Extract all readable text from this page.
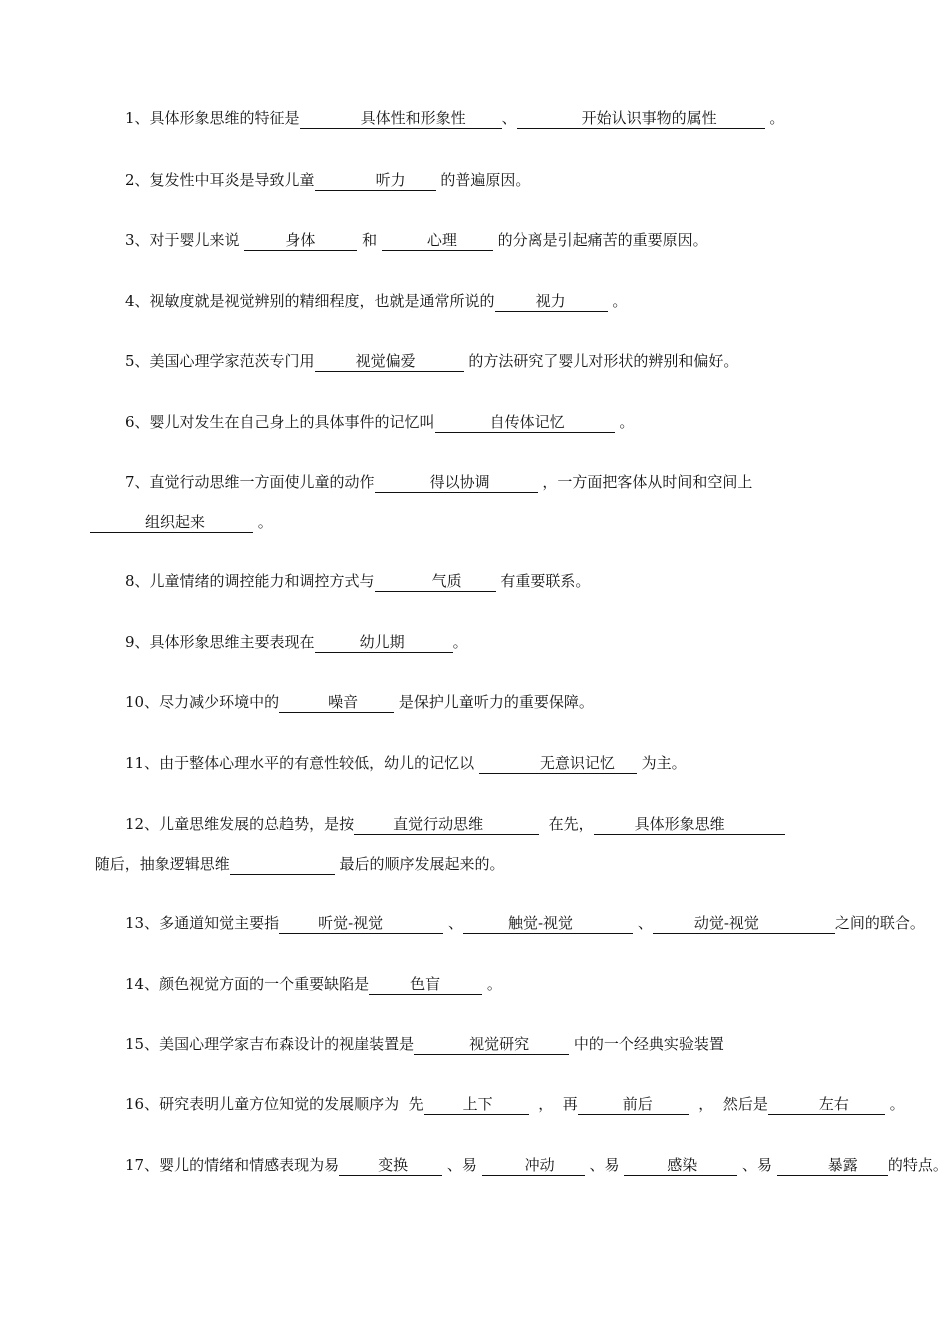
1、具体形象思维的特征是	具体性和形象性 、	开始认识事物的属性	。
2、复发性中耳炎是导致儿童	听力 的普遍原因。
3、对于婴儿来说	身体	和	心理 的分离是引起痛苦的重要原因。
4、视敏度就是视觉辨别的精细程度，也就是通常所说的	视力	。
5、美国心理学家范茨专门用	视觉偏爱	的方法研究了婴儿对形状的辨别和偏好。
6、婴儿对发生在自己身上的具体事件的记忆叫	自传体记忆	。
7、直觉行动思维一方面使儿童的动作	得以协调	，一方面把客体从时间和空间上组织起来	。
8、儿童情绪的调控能力和调控方式与	气质 有重要联系。
9、具体形象思维主要表现在	幼儿期	。
10、尽力减少环境中的	噪音 是保护儿童听力的重要保障。
11、由于整体心理水平的有意性较低，幼儿的记忆以	无意识记忆 为主。
12、儿童思维发展的总趋势，是按	直觉行动思维	在先，	具体形象思维 随后，抽象逻辑思维	最后的顺序发展起来的。
13、多通道知觉主要指	听觉-视觉	、	触觉-视觉	、	动觉-视觉	之间的联合。
14、颜色视觉方面的一个重要缺陷是	色盲	。
15、美国心理学家吉布森设计的视崖装置是	视觉研究	中的一个经典实验装置
16、研究表明儿童方位知觉的发展顺序为  先	上下  ，  再	前后  ，  然后是	左右 。
17、婴儿的情绪和情感表现为易	变换 、易	冲动 、易	感染	、易	暴露 的特点。
